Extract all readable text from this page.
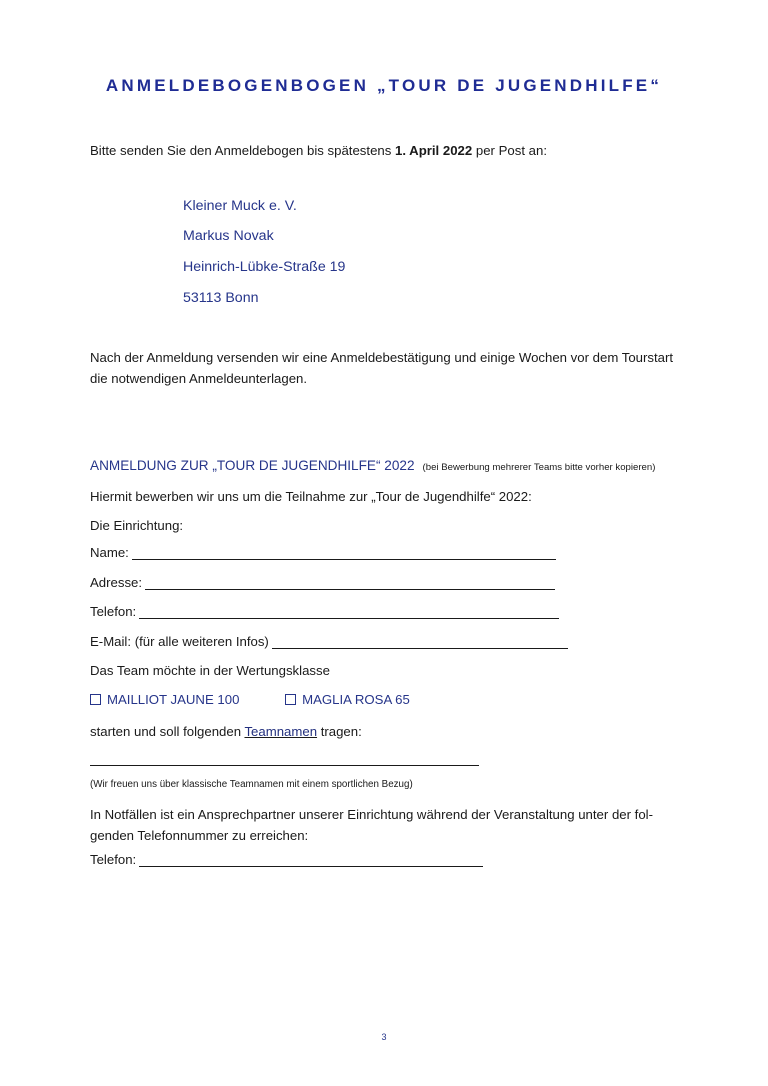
ANMELDEBOGENBOGEN „TOUR DE JUGENDHILFE“
Bitte senden Sie den Anmeldebogen bis spätestens 1. April 2022 per Post an:
Kleiner Muck e. V.
Markus Novak
Heinrich-Lübke-Straße 19
53113 Bonn
Nach der Anmeldung versenden wir eine Anmeldebestätigung und einige Wochen vor dem Tourstart
die notwendigen Anmeldeunterlagen.
ANMELDUNG ZUR „TOUR DE JUGENDHILFE“ 2022 (bei Bewerbung mehrerer Teams bitte vorher kopieren)
Hiermit bewerben wir uns um die Teilnahme zur „Tour de Jugendhilfe“ 2022:
Die Einrichtung:
Name:
Adresse:
Telefon:
E-Mail: (für alle weiteren Infos)
Das Team möchte in der Wertungsklasse
MAILLIOT JAUNE 100
	MAGLIA ROSA 65
starten und soll folgenden Teamnamen tragen:
(Wir freuen uns über klassische Teamnamen mit einem sportlichen Bezug)
In Notfällen ist ein Ansprechpartner unserer Einrichtung während der Veranstaltung unter der fol-
genden Telefonnummer zu erreichen:
Telefon:
3
